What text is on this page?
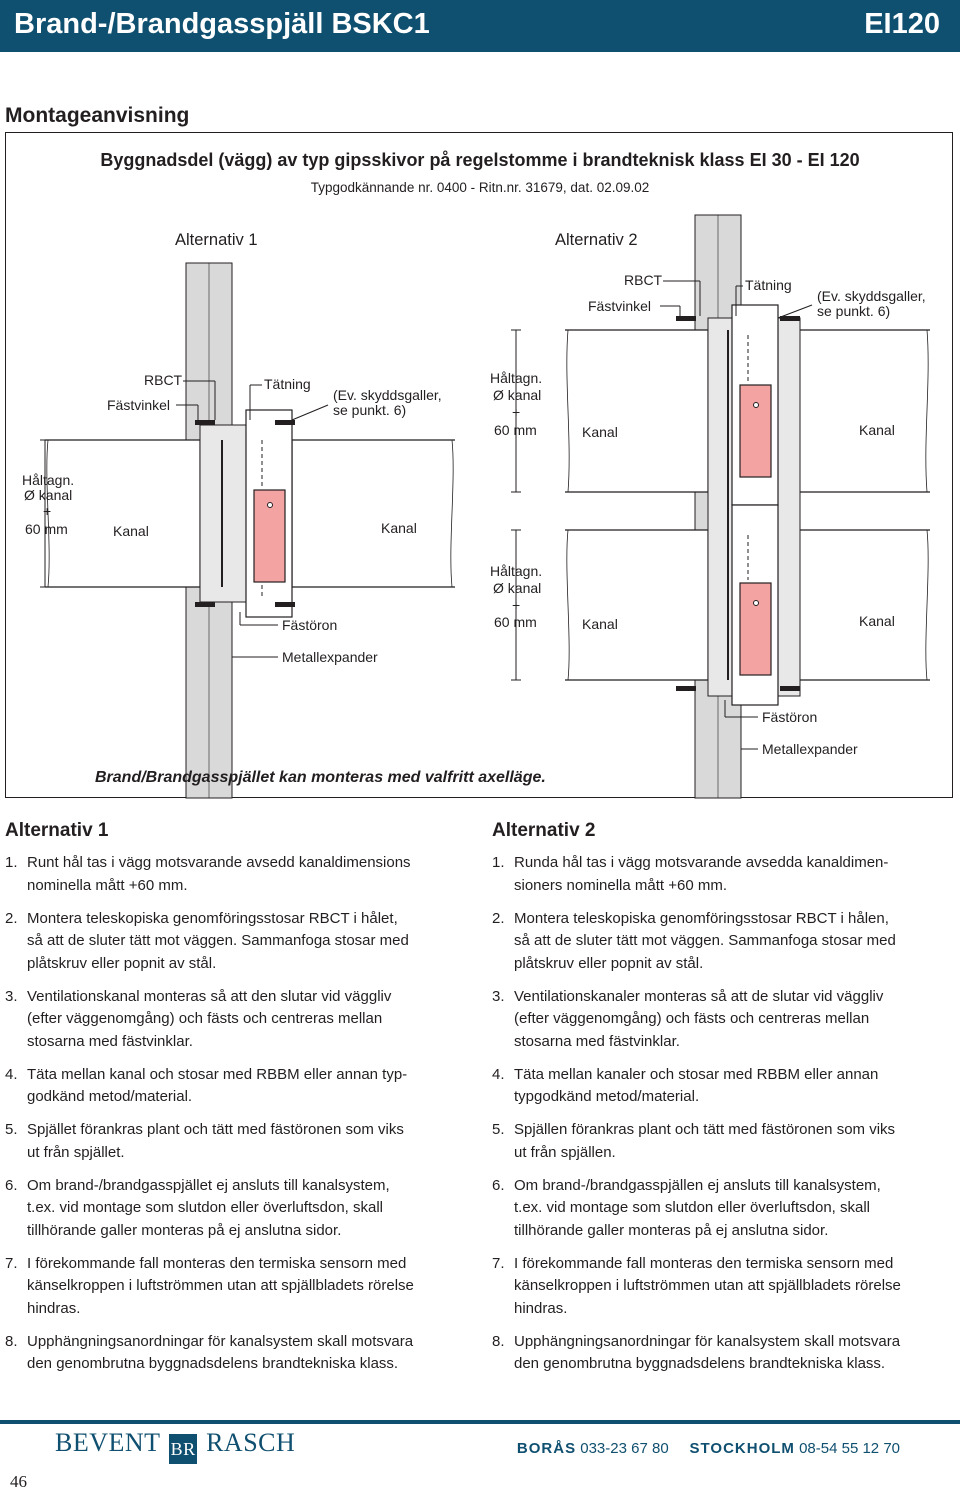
Brand-/Brandgasspjäll BSKC1	EI120
Montageanvisning
Byggnadsdel (vägg) av typ gipsskivor på regelstomme i brandteknisk klass EI 30 - EI 120
Typgodkännande nr. 0400 - Ritn.nr. 31679, dat. 02.09.02
Alternativ 1
RBCT
Fästvinkel
Tätning
(Ev. skyddsgaller,
se punkt. 6)
Håltagn.
Ø kanal
+
60 mm	Kanal	Kanal
Fästöron
Metallexpander
Alternativ 2
RBCT
Fästvinkel
Tätning
(Ev. skyddsgaller,
se punkt. 6)
Håltagn.
Ø kanal
+
60 mm	Kanal	Kanal
Håltagn.
Ø kanal
+
60 mm	Kanal	Kanal
Fästöron
Metallexpander
Brand/Brandgasspjället kan monteras med valfritt axelläge.
Alternativ 1
1. Runt hål tas i vägg motsvarande avsedd kanaldimensions
nominella mått +60 mm.
2. Montera teleskopiska genomföringsstosar RBCT i hålet,
så att de sluter tätt mot väggen. Sammanfoga stosar med
plåtskruv eller popnit av stål.
3. Ventilationskanal monteras så att den slutar vid väggliv
(efter väggenomgång) och fästs och centreras mellan
stosarna med fästvinklar.
4. Täta mellan kanal och stosar med RBBM eller annan typ-
godkänd metod/material.
5. Spjället förankras plant och tätt med fästöronen som viks
ut från spjället.
6. Om brand-/brandgasspjället ej ansluts till kanalsystem,
t.ex. vid montage som slutdon eller överluftsdon, skall
tillhörande galler monteras på ej anslutna sidor.
7. I förekommande fall monteras den termiska sensorn med
känselkroppen i luftströmmen utan att spjällbladets rörelse
hindras.
8. Upphängningsanordningar för kanalsystem skall motsvara
den genombrutna byggnadsdelens brandtekniska klass.
Alternativ 2
1. Runda hål tas i vägg motsvarande avsedda kanaldimen-
sioners nominella mått +60 mm.
2. Montera teleskopiska genomföringsstosar RBCT i hålen,
så att de sluter tätt mot väggen. Sammanfoga stosar med
plåtskruv eller popnit av stål.
3. Ventilationskanaler monteras så att de slutar vid väggliv
(efter väggenomgång) och fästs och centreras mellan
stosarna med fästvinklar.
4. Täta mellan kanaler och stosar med RBBM eller annan
typgodkänd metod/material.
5. Spjällen förankras plant och tätt med fästöronen som viks
ut från spjällen.
6. Om brand-/brandgasspjällen ej ansluts till kanalsystem,
t.ex. vid montage som slutdon eller överluftsdon, skall
tillhörande galler monteras på ej anslutna sidor.
7. I förekommande fall monteras den termiska sensorn med
känselkroppen i luftströmmen utan att spjällbladets rörelse
hindras.
8. Upphängningsanordningar för kanalsystem skall motsvara
den genombrutna byggnadsdelens brandtekniska klass.
BEVENT BR RASCH	BORÅS 033-23 67 80 STOCKHOLM 08-54 55 12 70
46
